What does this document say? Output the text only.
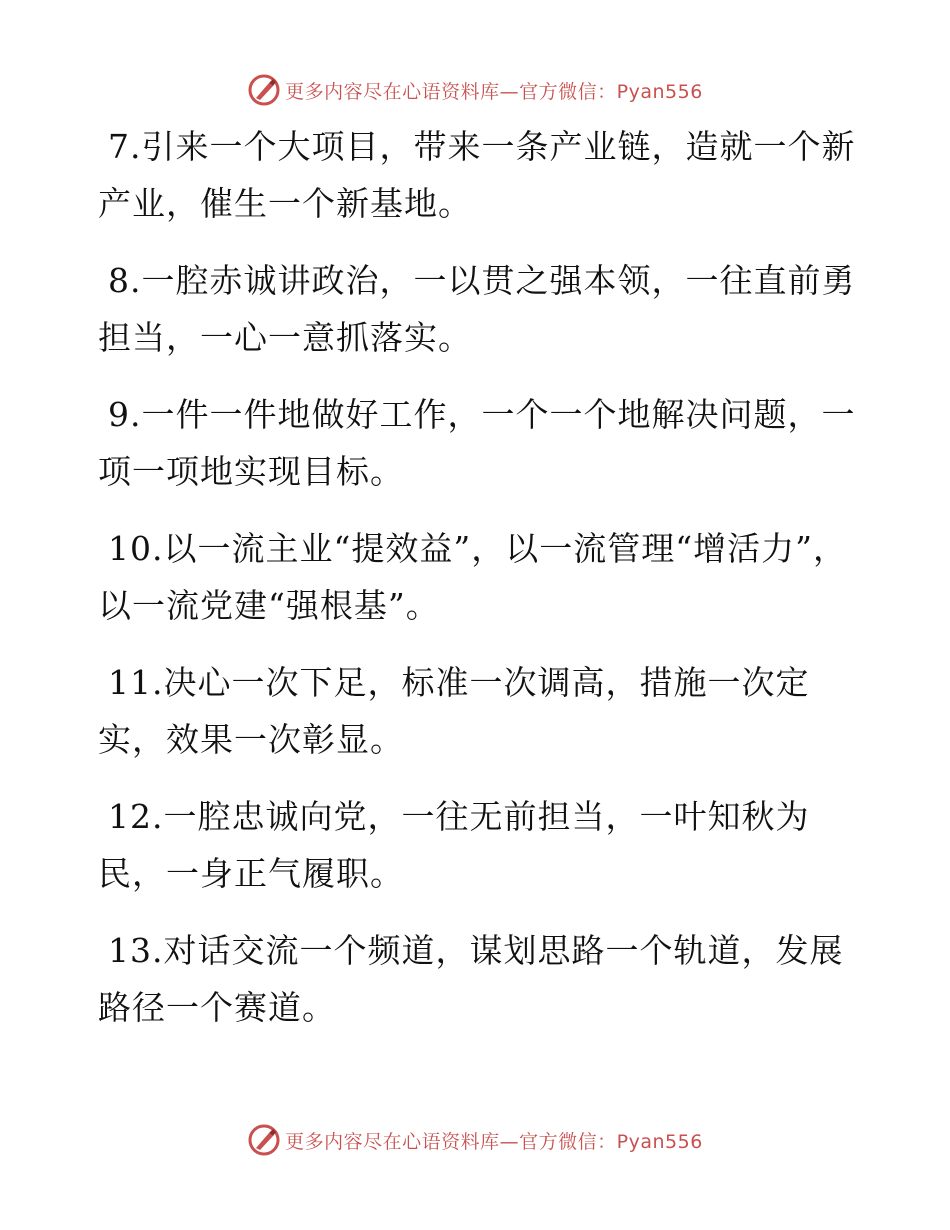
更多内容尽在心语资料库—官方微信：Pyan556
7.引来一个大项目，带来一条产业链，造就一个新产业，催生一个新基地。
8.一腔赤诚讲政治，一以贯之强本领，一往直前勇担当，一心一意抓落实。
9.一件一件地做好工作，一个一个地解决问题，一项一项地实现目标。
10.以一流主业“提效益”，以一流管理“增活力”，以一流党建“强根基”。
11.决心一次下足，标准一次调高，措施一次定实，效果一次彰显。
12.一腔忠诚向党，一往无前担当，一叶知秋为民，一身正气履职。
13.对话交流一个频道，谋划思路一个轨道，发展路径一个赛道。
更多内容尽在心语资料库—官方微信：Pyan556
